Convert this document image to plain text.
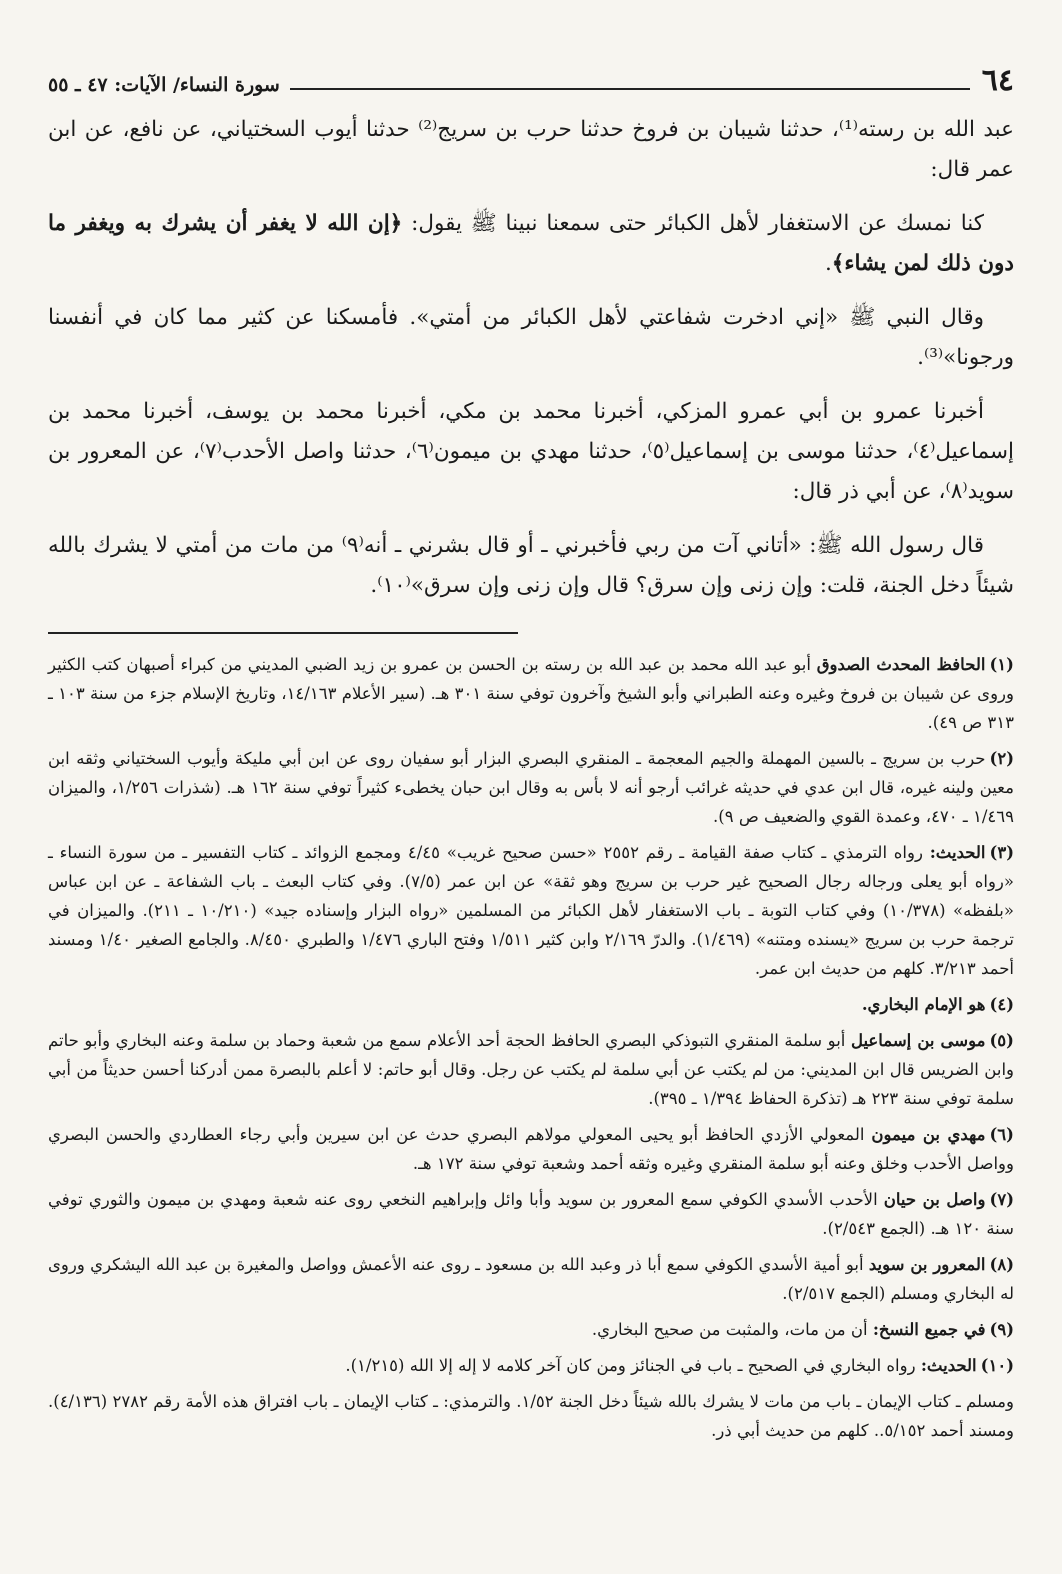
٦٤
سورة النساء/ الآيات: ٤٧ ـ ٥٥

عبد الله بن رسته⁽¹⁾، حدثنا شيبان بن فروخ حدثنا حرب بن سريج⁽²⁾ حدثنا أيوب السختياني، عن نافع، عن ابن عمر قال:

كنا نمسك عن الاستغفار لأهل الكبائر حتى سمعنا نبينا ﷺ يقول: ﴿إن الله لا يغفر أن يشرك به ويغفر ما دون ذلك لمن يشاء﴾.

وقال النبي ﷺ «إني ادخرت شفاعتي لأهل الكبائر من أمتي». فأمسكنا عن كثير مما كان في أنفسنا ورجونا»⁽³⁾.

أخبرنا عمرو بن أبي عمرو المزكي، أخبرنا محمد بن مكي، أخبرنا محمد بن يوسف، أخبرنا محمد بن إسماعيل⁽٤⁾، حدثنا موسى بن إسماعيل⁽٥⁾، حدثنا مهدي بن ميمون⁽٦⁾، حدثنا واصل الأحدب⁽٧⁾، عن المعرور بن سويد⁽٨⁾، عن أبي ذر قال:

قال رسول الله ﷺ: «أتاني آت من ربي فأخبرني ـ أو قال بشرني ـ أنه⁽٩⁾ من مات من أمتي لا يشرك بالله شيئاً دخل الجنة، قلت: وإن زنى وإن سرق؟ قال وإن زنى وإن سرق»⁽١٠⁾.

(١)الحافظ المحدث الصدوق أبو عبد الله محمد بن عبد الله بن رسته بن الحسن بن عمرو بن زيد الضبي المديني من كبراء أصبهان كتب الكثير وروى عن شيبان بن فروخ وغيره وعنه الطبراني وأبو الشيخ وآخرون توفي سنة ٣٠١ هـ. (سير الأعلام ١٤/١٦٣، وتاريخ الإسلام جزء من سنة ١٠٣ ـ ٣١٣ ص ٤٩).
(٢)حرب بن سريج ـ بالسين المهملة والجيم المعجمة ـ المنقري البصري البزار أبو سفيان روى عن ابن أبي مليكة وأيوب السختياني وثقه ابن معين ولينه غيره، قال ابن عدي في حديثه غرائب أرجو أنه لا بأس به وقال ابن حبان يخطىء كثيراً توفي سنة ١٦٢ هـ. (شذرات ١/٢٥٦، والميزان ١/٤٦٩ ـ ٤٧٠، وعمدة القوي والضعيف ص ٩).
(٣)الحديث: رواه الترمذي ـ كتاب صفة القيامة ـ رقم ٢٥٥٢ «حسن صحيح غريب» ٤/٤٥ ومجمع الزوائد ـ كتاب التفسير ـ من سورة النساء ـ «رواه أبو يعلى ورجاله رجال الصحيح غير حرب بن سريج وهو ثقة» عن ابن عمر (٧/٥). وفي كتاب البعث ـ باب الشفاعة ـ عن ابن عباس «بلفظه» (١٠/٣٧٨) وفي كتاب التوبة ـ باب الاستغفار لأهل الكبائر من المسلمين «رواه البزار وإسناده جيد» (١٠/٢١٠ ـ ٢١١). والميزان في ترجمة حرب بن سريج «يسنده ومتنه» (١/٤٦٩). والدرّ ٢/١٦٩ وابن كثير ١/٥١١ وفتح الباري ١/٤٧٦ والطبري ٨/٤٥٠. والجامع الصغير ١/٤٠ ومسند أحمد ٣/٢١٣. كلهم من حديث ابن عمر.
(٤)هو الإمام البخاري.
(٥)موسى بن إسماعيل أبو سلمة المنقري التبوذكي البصري الحافظ الحجة أحد الأعلام سمع من شعبة وحماد بن سلمة وعنه البخاري وأبو حاتم وابن الضريس قال ابن المديني: من لم يكتب عن أبي سلمة لم يكتب عن رجل. وقال أبو حاتم: لا أعلم بالبصرة ممن أدركنا أحسن حديثاً من أبي سلمة توفي سنة ٢٢٣ هـ (تذكرة الحفاظ ١/٣٩٤ ـ ٣٩٥).
(٦)مهدي بن ميمون المعولي الأزدي الحافظ أبو يحيى المعولي مولاهم البصري حدث عن ابن سيرين وأبي رجاء العطاردي والحسن البصري وواصل الأحدب وخلق وعنه أبو سلمة المنقري وغيره وثقه أحمد وشعبة توفي سنة ١٧٢ هـ.
(٧)واصل بن حيان الأحدب الأسدي الكوفي سمع المعرور بن سويد وأبا وائل وإبراهيم النخعي روى عنه شعبة ومهدي بن ميمون والثوري توفي سنة ١٢٠ هـ. (الجمع ٢/٥٤٣).
(٨)المعرور بن سويد أبو أمية الأسدي الكوفي سمع أبا ذر وعبد الله بن مسعود ـ روى عنه الأعمش وواصل والمغيرة بن عبد الله اليشكري وروى له البخاري ومسلم (الجمع ٢/٥١٧).
(٩)في جميع النسخ: أن من مات، والمثبت من صحيح البخاري.
(١٠)الحديث: رواه البخاري في الصحيح ـ باب في الجنائز ومن كان آخر كلامه لا إله إلا الله (١/٢١٥).
ومسلم ـ كتاب الإيمان ـ باب من مات لا يشرك بالله شيئاً دخل الجنة ١/٥٢. والترمذي: ـ كتاب الإيمان ـ باب افتراق هذه الأمة رقم ٢٧٨٢ (٤/١٣٦). ومسند أحمد ٥/١٥٢.. كلهم من حديث أبي ذر.
